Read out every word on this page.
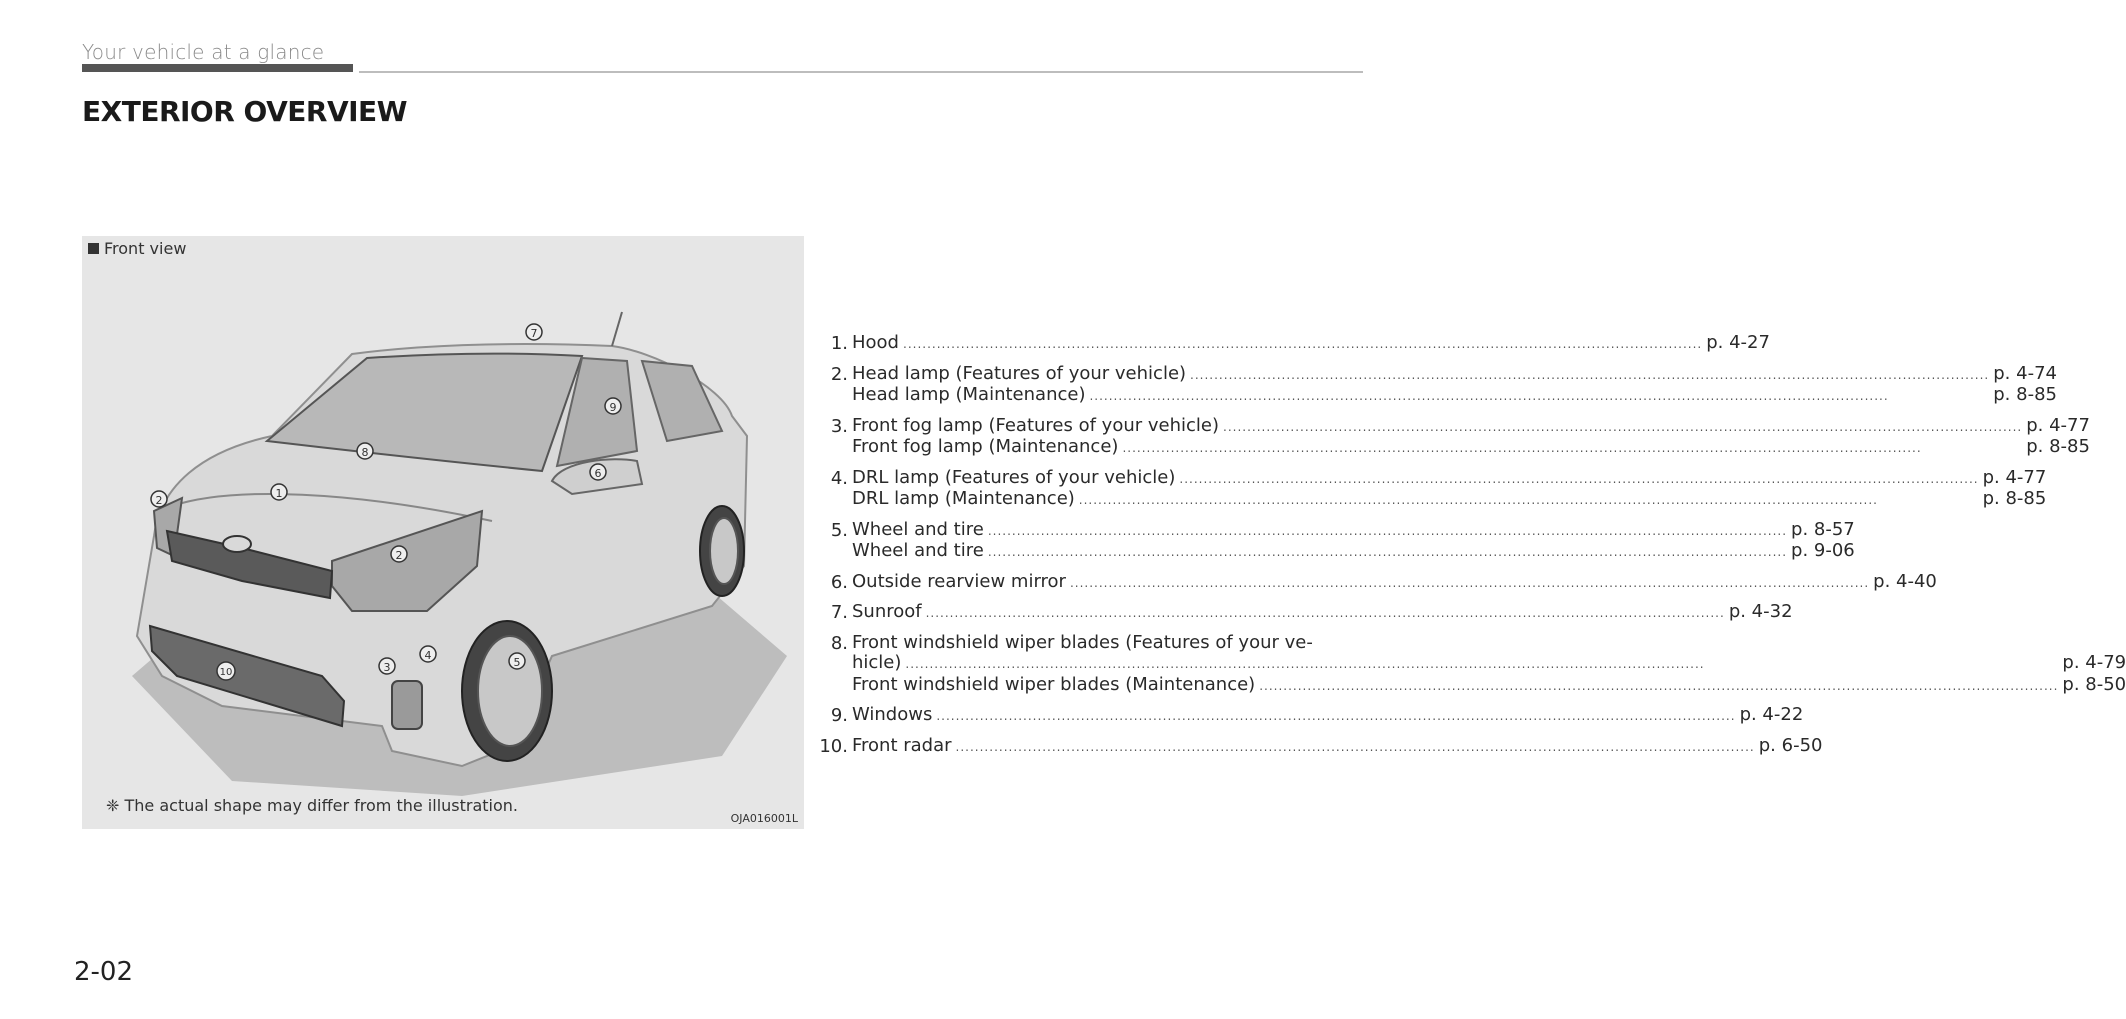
Your vehicle at a glance
EXTERIOR OVERVIEW
Front view
7
9
8
6
1
2
2
3
4
5
10
❈ The actual shape may differ from the illustration.
OJA016001L
1. Hood .....	p. 4-27
2. Head lamp (Features of your vehicle) .....	p. 4-74
Head lamp (Maintenance) .....	p. 8-85
3. Front fog lamp (Features of your vehicle) .....	p. 4-77
Front fog lamp (Maintenance) .....	p. 8-85
4. DRL lamp (Features of your vehicle) .....	p. 4-77
DRL lamp (Maintenance) .....	p. 8-85
5. Wheel and tire .....	p. 8-57
Wheel and tire .....	p. 9-06
6. Outside rearview mirror .....	p. 4-40
7. Sunroof .....	p. 4-32
8. Front windshield wiper blades (Features of your ve-
hicle) .....	p. 4-79
Front windshield wiper blades (Maintenance) .....	p. 8-50
9. Windows .....	p. 4-22
10. Front radar .....	p. 6-50
2-02
